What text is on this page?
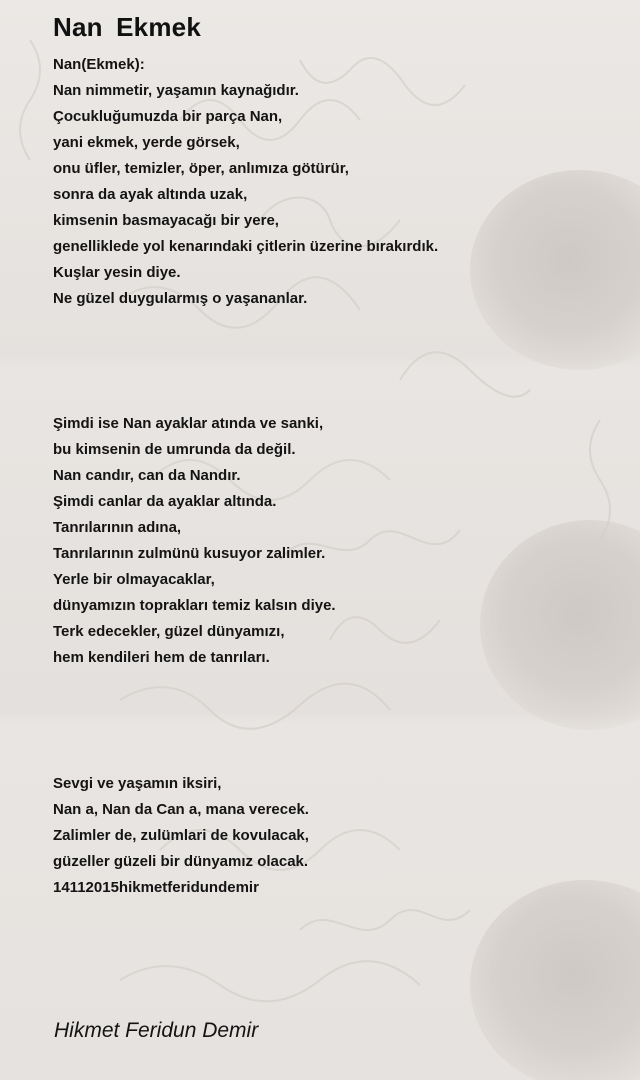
Nan Ekmek
Nan(Ekmek):
Nan nimmetir, yaşamın kaynağıdır.
Çocukluğumuzda bir parça Nan,
yani ekmek, yerde görsek,
onu üfler, temizler, öper, anlımıza götürür,
sonra da ayak altında uzak,
kimsenin basmayacağı bir yere,
genelliklede yol kenarındaki çitlerin üzerine bırakırdık.
Kuşlar yesin diye.
Ne güzel duygularmış o yaşananlar.
Şimdi ise Nan ayaklar atında ve sanki,
bu kimsenin de umrunda da değil.
Nan candır, can da Nandır.
Şimdi canlar da ayaklar altında.
Tanrılarının adına,
Tanrılarının zulmünü kusuyor zalimler.
Yerle bir olmayacaklar,
dünyamızın toprakları temiz kalsın diye.
Terk edecekler, güzel dünyamızı,
hem kendileri hem de tanrıları.
Sevgi ve yaşamın iksiri,
Nan a, Nan da Can a, mana verecek.
Zalimler de, zulümlari de kovulacak,
güzeller güzeli bir dünyamız olacak.
14112015hikmetferidundemir

Hikmet Feridun Demir
